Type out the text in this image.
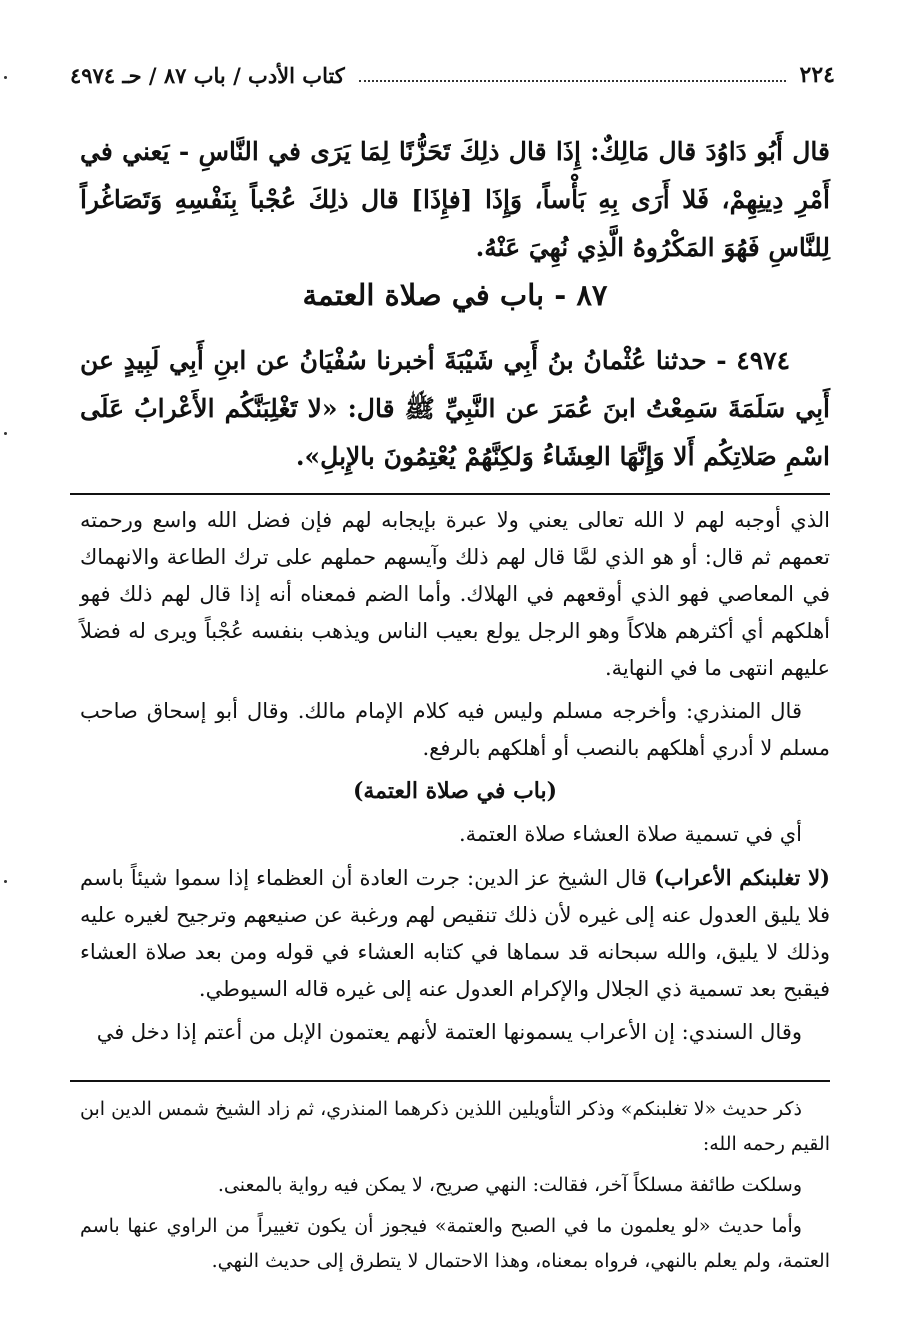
كتاب الأدب / باب ٨٧ / حـ ٤٩٧٤	٢٢٤

قال أَبُو دَاوُدَ قال مَالِكٌ: إِذَا قال ذلِكَ تَحَزُّنًا لِمَا يَرَى في النَّاسِ - يَعني في أَمْرِ دِينِهِمْ، فَلا أَرَى بِهِ بَأْساً، وَإِذَا [فإِذَا] قال ذلِكَ عُجْباً بِنَفْسِهِ وَتَصَاغُراً لِلنَّاسِ فَهُوَ المَكْرُوهُ الَّذِي نُهِيَ عَنْهُ.

٨٧ - باب في صلاة العتمة

٤٩٧٤ - حدثنا عُثْمانُ بنُ أَبِي شَيْبَةَ أخبرنا سُفْيَانُ عن ابنِ أَبِي لَبِيدٍ عن أَبِي سَلَمَةَ سَمِعْتُ ابنَ عُمَرَ عن النَّبِيِّ ﷺ قال: «لا تَغْلِبَنَّكُم الأَعْرابُ عَلَى اسْمِ صَلاتِكُم أَلا وَإِنَّهَا العِشَاءُ وَلكِنَّهُمْ يُعْتِمُونَ بالإِبلِ».

الذي أوجبه لهم لا الله تعالى يعني ولا عبرة بإيجابه لهم فإن فضل الله واسع ورحمته تعمهم ثم قال: أو هو الذي لمَّا قال لهم ذلك وآيسهم حملهم على ترك الطاعة والانهماك في المعاصي فهو الذي أوقعهم في الهلاك. وأما الضم فمعناه أنه إذا قال لهم ذلك فهو أهلكهم أي أكثرهم هلاكاً وهو الرجل يولع بعيب الناس ويذهب بنفسه عُجْباً ويرى له فضلاً عليهم انتهى ما في النهاية.

قال المنذري: وأخرجه مسلم وليس فيه كلام الإمام مالك. وقال أبو إسحاق صاحب مسلم لا أدري أهلكهم بالنصب أو أهلكهم بالرفع.

(باب في صلاة العتمة)

أي في تسمية صلاة العشاء صلاة العتمة.

(لا تغلبنكم الأعراب) قال الشيخ عز الدين: جرت العادة أن العظماء إذا سموا شيئاً باسم فلا يليق العدول عنه إلى غيره لأن ذلك تنقيص لهم ورغبة عن صنيعهم وترجيح لغيره عليه وذلك لا يليق، والله سبحانه قد سماها في كتابه العشاء في قوله ومن بعد صلاة العشاء فيقبح بعد تسمية ذي الجلال والإكرام العدول عنه إلى غيره قاله السيوطي.

وقال السندي: إن الأعراب يسمونها العتمة لأنهم يعتمون الإبل من أعتم إذا دخل في

ذكر حديث «لا تغلبنكم» وذكر التأويلين اللذين ذكرهما المنذري، ثم زاد الشيخ شمس الدين ابن القيم رحمه الله:

وسلكت طائفة مسلكاً آخر، فقالت: النهي صريح، لا يمكن فيه رواية بالمعنى.

وأما حديث «لو يعلمون ما في الصبح والعتمة» فيجوز أن يكون تغييراً من الراوي عنها باسم العتمة، ولم يعلم بالنهي، فرواه بمعناه، وهذا الاحتمال لا يتطرق إلى حديث النهي.
